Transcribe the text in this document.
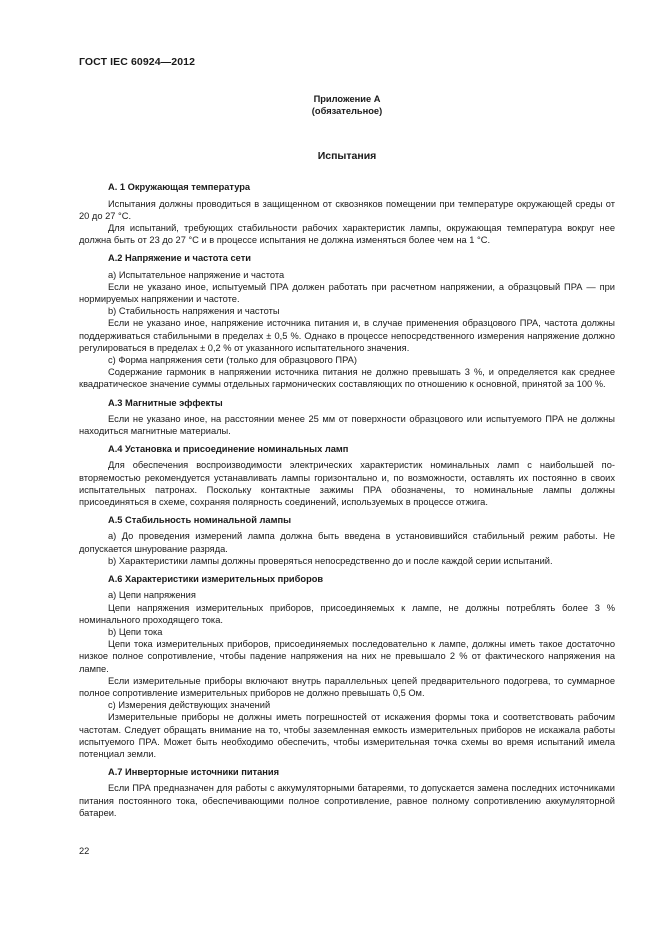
ГОСТ IEC 60924—2012
Приложение А
(обязательное)
Испытания
А. 1 Окружающая температура

Испытания должны проводиться в защищенном от сквозняков помещении при температуре окружающей среды от 20 до 27 °С.

Для испытаний, требующих стабильности рабочих характеристик лампы, окружающая температура вокруг нее должна быть от 23 до 27 °С и в процессе испытания не должна изменяться более чем на 1 °С.

А.2 Напряжение и частота сети

а) Испытательное напряжение и частота

Если не указано иное, испытуемый ПРА должен работать при расчетном напряжении, а образцовый ПРА — при нормируемых напряжении и частоте.

b) Стабильность напряжения и частоты

Если не указано иное, напряжение источника питания и, в случае применения образцового ПРА, частота должны поддерживаться стабильными в пределах ± 0,5 %. Однако в процессе непосредственного измерения напряжение должно регулироваться в пределах ± 0,2 % от указанного испытательного значения.

с) Форма напряжения сети (только для образцового ПРА)

Содержание гармоник в напряжении источника питания не должно превышать 3 %, и определяется как среднее квадратическое значение суммы отдельных гармонических составляющих по отношению к основной, принятой за 100 %.

А.3 Магнитные эффекты

Если не указано иное, на расстоянии менее 25 мм от поверхности образцового или испытуемого ПРА не должны находиться магнитные материалы.

А.4 Установка и присоединение номинальных ламп

Для обеспечения воспроизводимости электрических характеристик номинальных ламп с наибольшей повторяемостью рекомендуется устанавливать лампы горизонтально и, по возможности, оставлять их постоянно в своих испытательных патронах. Поскольку контактные зажимы ПРА обозначены, то номинальные лампы должны присоединяться в схеме, сохраняя полярность соединений, используемых в процессе отжига.

А.5 Стабильность номинальной лампы

а) До проведения измерений лампа должна быть введена в установившийся стабильный режим работы. Не допускается шнурование разряда.

b) Характеристики лампы должны проверяться непосредственно до и после каждой серии испытаний.

А.6 Характеристики измерительных приборов

а) Цепи напряжения

Цепи напряжения измерительных приборов, присоединяемых к лампе, не должны потреблять более 3 % номинального проходящего тока.

b) Цепи тока

Цепи тока измерительных приборов, присоединяемых последовательно к лампе, должны иметь такое достаточно низкое полное сопротивление, чтобы падение напряжения на них не превышало 2 % от фактического напряжения на лампе.

Если измерительные приборы включают внутрь параллельных цепей предварительного подогрева, то суммарное полное сопротивление измерительных приборов не должно превышать 0,5 Ом.

с) Измерения действующих значений

Измерительные приборы не должны иметь погрешностей от искажения формы тока и соответствовать рабочим частотам. Следует обращать внимание на то, чтобы заземленная емкость измерительных приборов не искажала работы испытуемого ПРА. Может быть необходимо обеспечить, чтобы измерительная точка схемы во время испытаний имела потенциал земли.

А.7 Инверторные источники питания

Если ПРА предназначен для работы с аккумуляторными батареями, то допускается замена последних источниками питания постоянного тока, обеспечивающими полное сопротивление, равное полному сопротивлению аккумуляторной батареи.

22
